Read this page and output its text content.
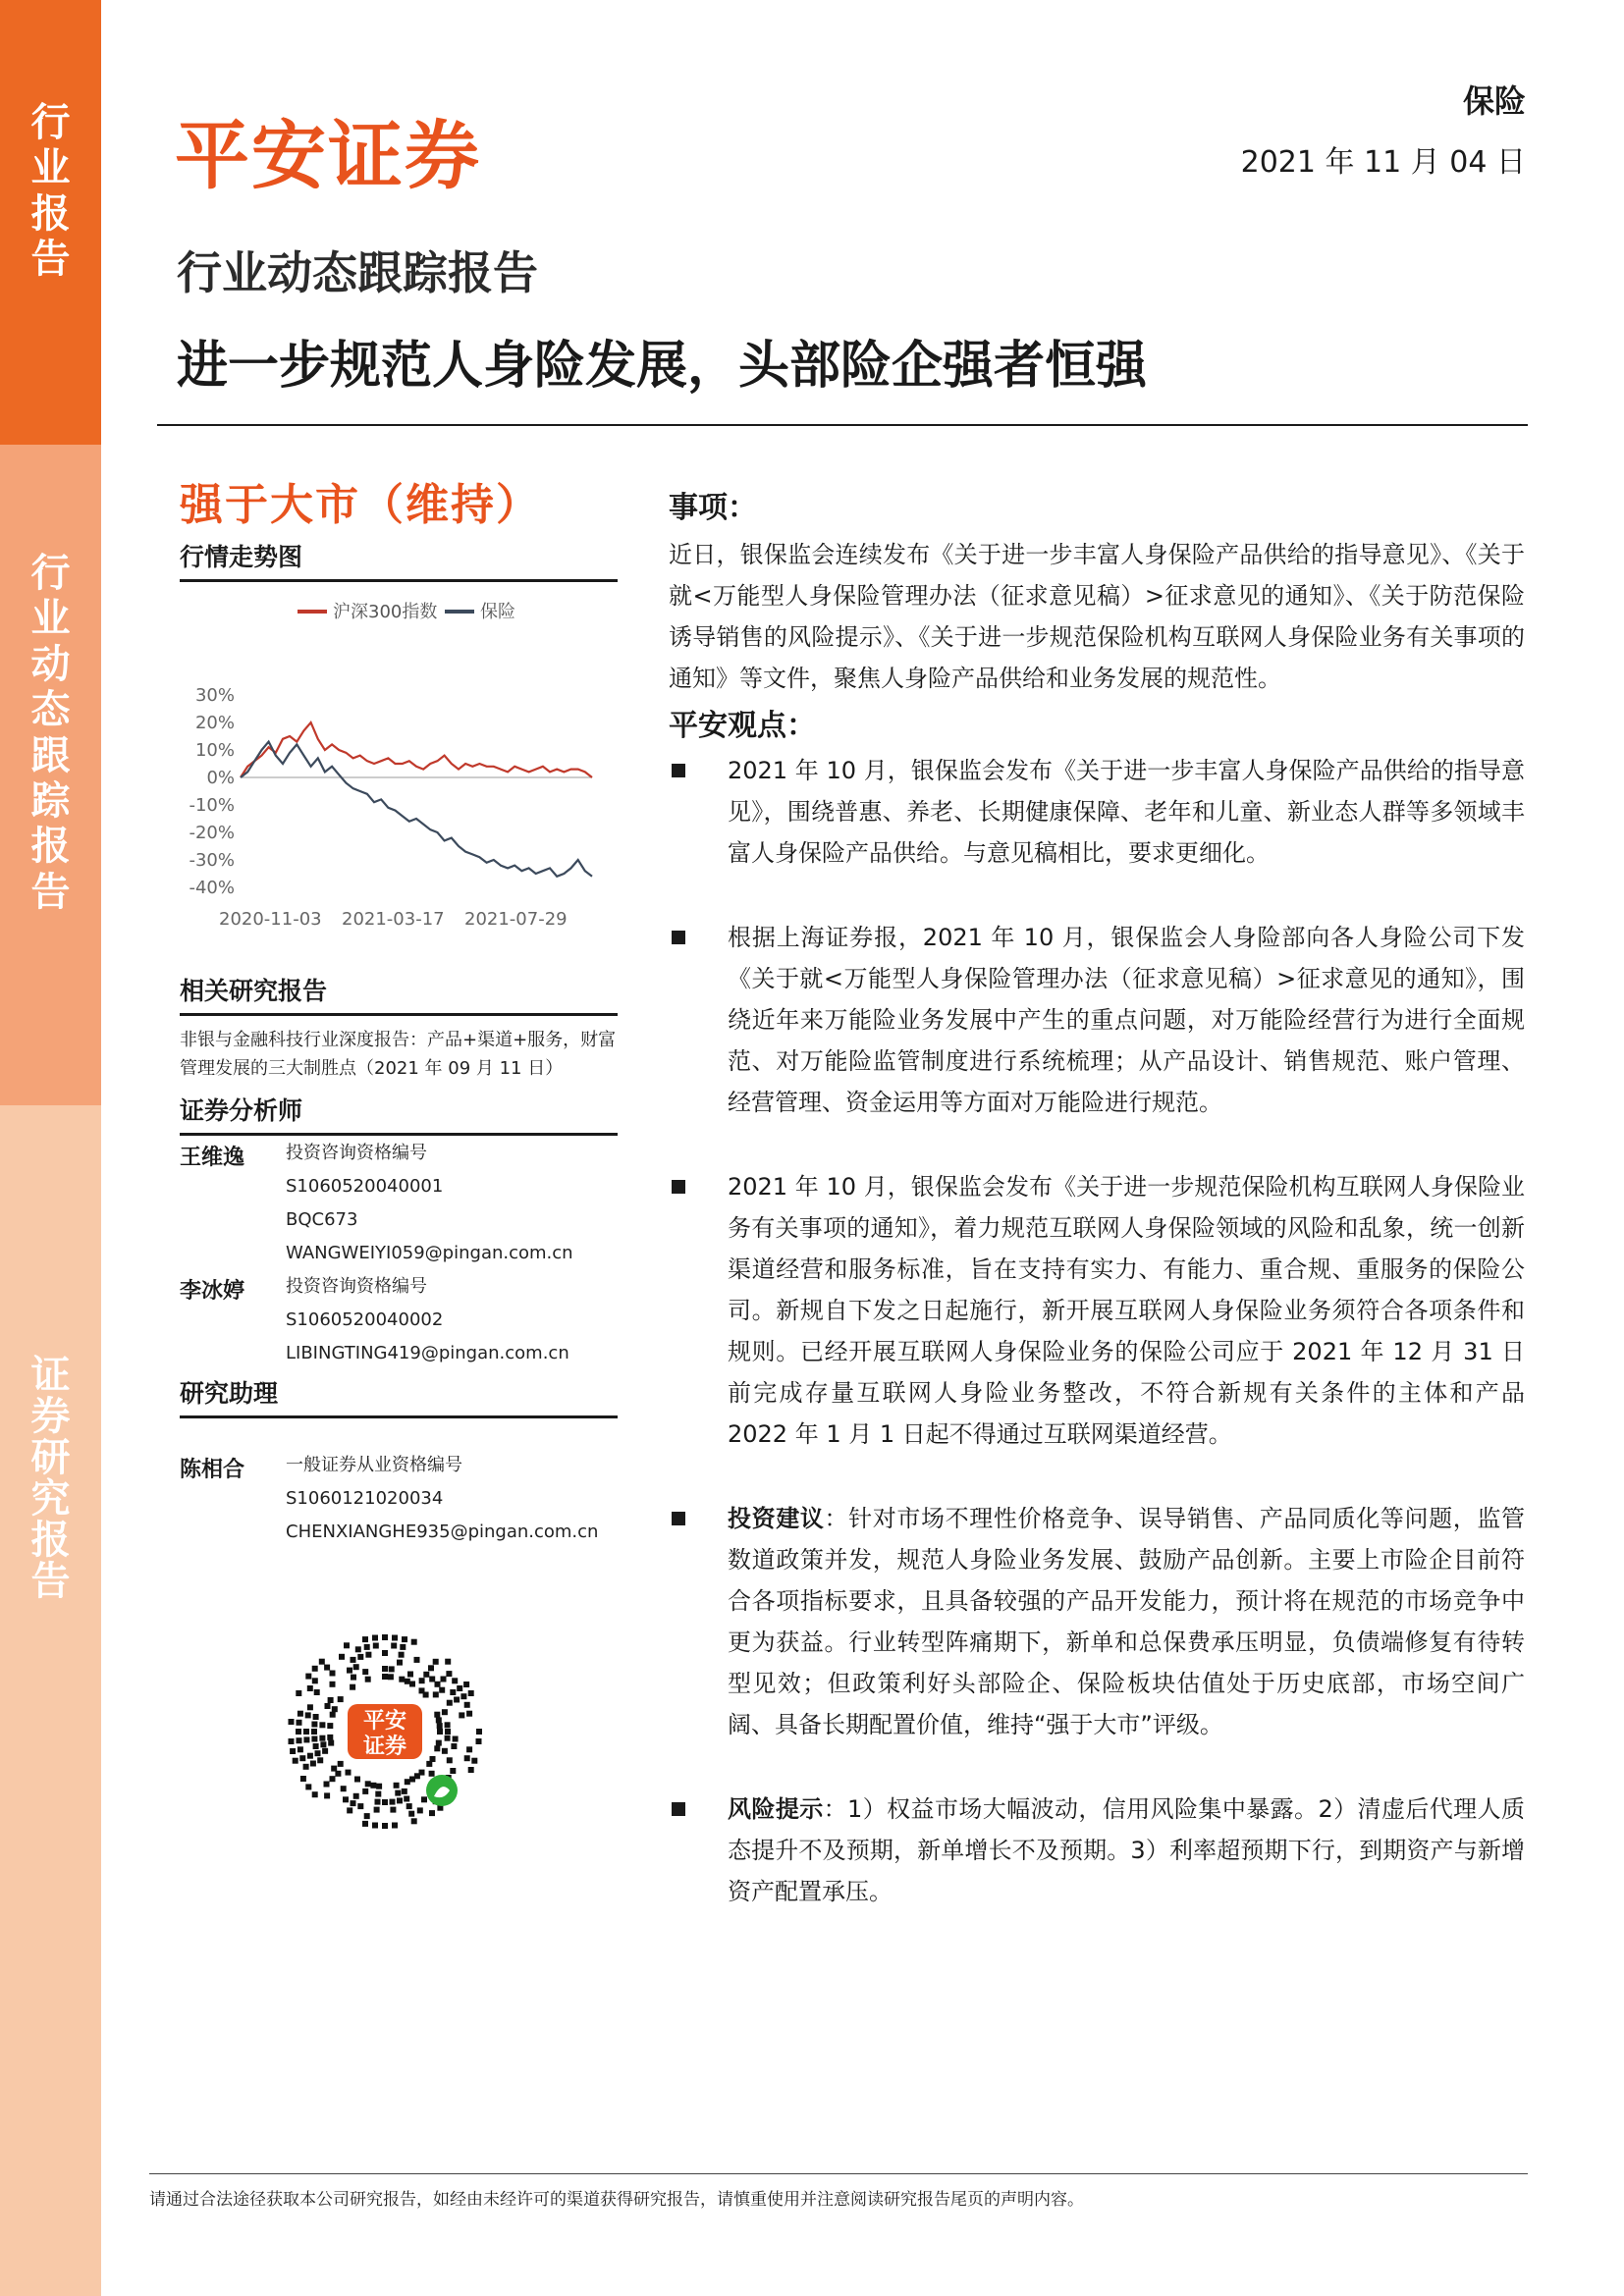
行业报告
行业动态跟踪报告
证券研究报告
平安证券
保险
2021 年 11 月 04 日
行业动态跟踪报告
进一步规范人身险发展，头部险企强者恒强
强于大市（维持）
行情走势图
沪深300指数 保险
30%
20%
10%
0%
-10%
-20%
-30%
-40%
2020-11-03 2021-03-17 2021-07-29
相关研究报告
非银与金融科技行业深度报告：产品+渠道+服务，财富管理发展的三大制胜点（2021 年 09 月 11 日）
证券分析师
王维逸 投资咨询资格编号
S1060520040001
BQC673
WANGWEIYI059@pingan.com.cn
李冰婷 投资咨询资格编号
S1060520040002
LIBINGTING419@pingan.com.cn
研究助理
陈相合 一般证券从业资格编号
S1060121020034
CHENXIANGHE935@pingan.com.cn
平安
证券

事项：

近日，银保监会连续发布《关于进一步丰富人身保险产品供给的指导意见》、《关于就<万能型人身保险管理办法（征求意见稿）>征求意见的通知》、《关于防范保险诱导销售的风险提示》、《关于进一步规范保险机构互联网人身保险业务有关事项的通知》等文件，聚焦人身险产品供给和业务发展的规范性。

平安观点：

2021 年 10 月，银保监会发布《关于进一步丰富人身保险产品供给的指导意见》，围绕普惠、养老、长期健康保障、老年和儿童、新业态人群等多领域丰富人身保险产品供给。与意见稿相比，要求更细化。
根据上海证券报，2021 年 10 月，银保监会人身险部向各人身险公司下发《关于就<万能型人身保险管理办法（征求意见稿）>征求意见的通知》，围绕近年来万能险业务发展中产生的重点问题，对万能险经营行为进行全面规范、对万能险监管制度进行系统梳理；从产品设计、销售规范、账户管理、经营管理、资金运用等方面对万能险进行规范。
2021 年 10 月，银保监会发布《关于进一步规范保险机构互联网人身保险业务有关事项的通知》，着力规范互联网人身保险领域的风险和乱象，统一创新渠道经营和服务标准，旨在支持有实力、有能力、重合规、重服务的保险公司。新规自下发之日起施行，新开展互联网人身保险业务须符合各项条件和规则。已经开展互联网人身保险业务的保险公司应于 2021 年 12 月 31 日前完成存量互联网人身险业务整改，不符合新规有关条件的主体和产品 2022 年 1 月 1 日起不得通过互联网渠道经营。
投资建议：针对市场不理性价格竞争、误导销售、产品同质化等问题，监管数道政策并发，规范人身险业务发展、鼓励产品创新。主要上市险企目前符合各项指标要求，且具备较强的产品开发能力，预计将在规范的市场竞争中更为获益。行业转型阵痛期下，新单和总保费承压明显，负债端修复有待转型见效；但政策利好头部险企、保险板块估值处于历史底部，市场空间广阔、具备长期配置价值，维持“强于大市”评级。
风险提示：1）权益市场大幅波动，信用风险集中暴露。2）清虚后代理人质态提升不及预期，新单增长不及预期。3）利率超预期下行，到期资产与新增资产配置承压。
请通过合法途径获取本公司研究报告，如经由未经许可的渠道获得研究报告，请慎重使用并注意阅读研究报告尾页的声明内容。
